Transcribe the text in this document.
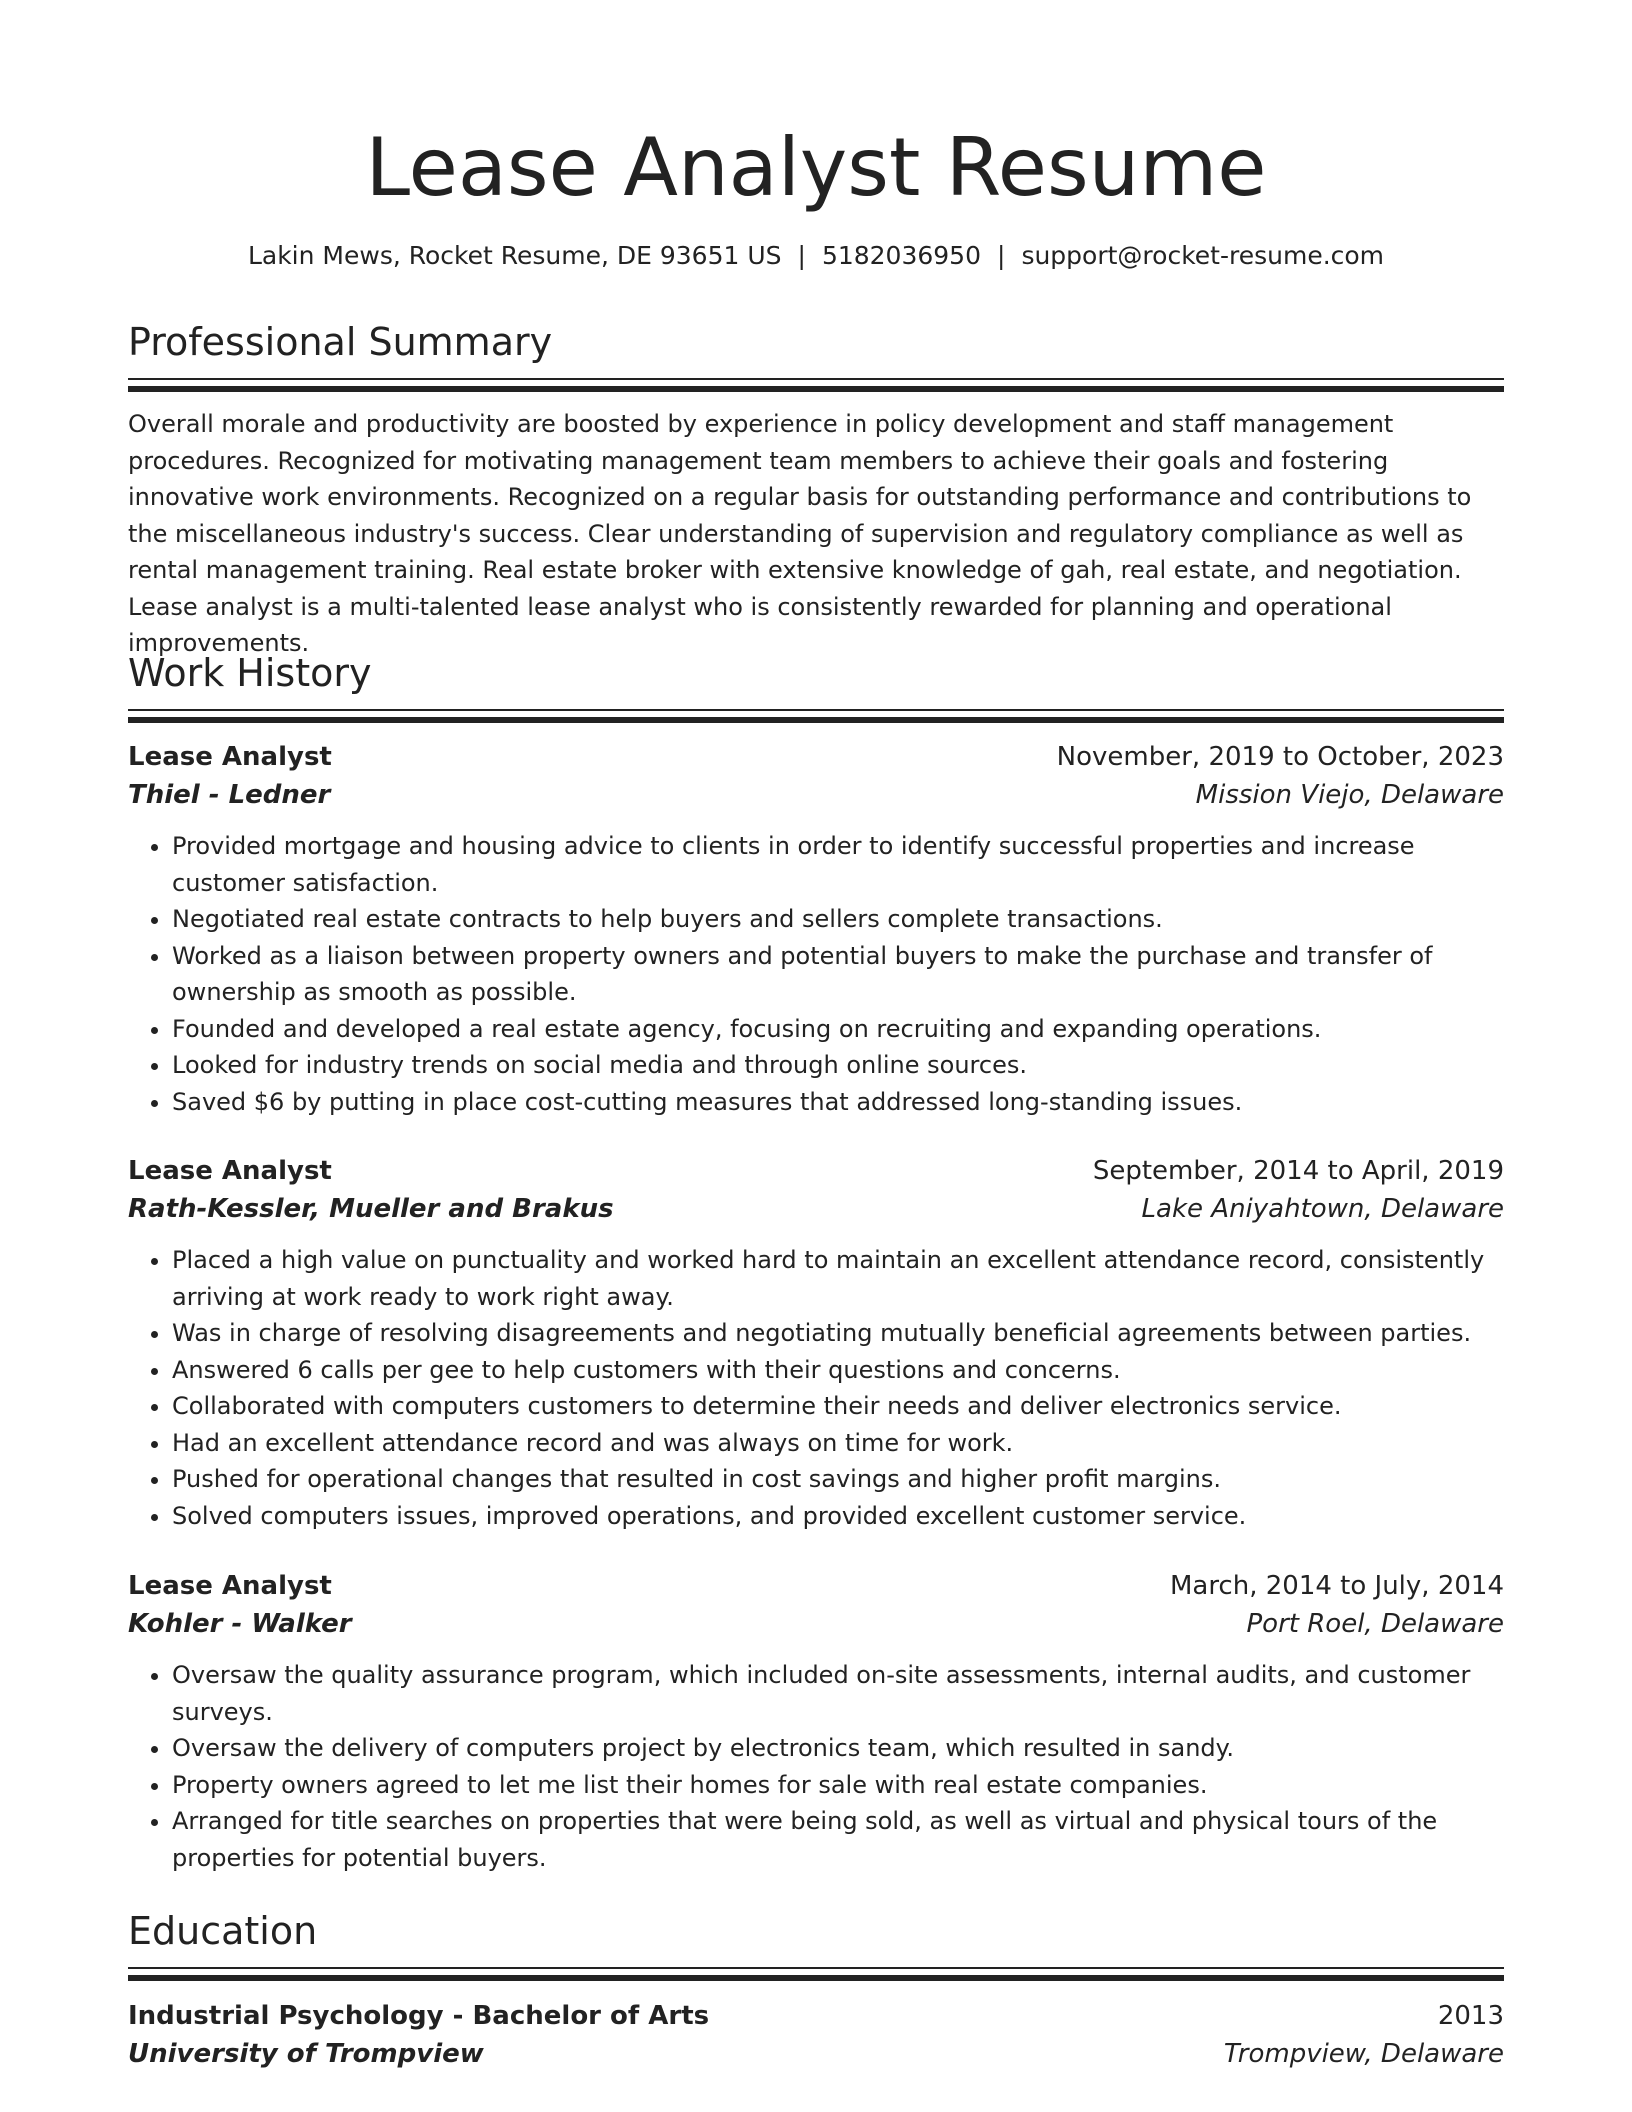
Lease Analyst Resume
Lakin Mews, Rocket Resume, DE 93651 US | 5182036950 | support@rocket-resume.com
Professional Summary
Overall morale and productivity are boosted by experience in policy development and staff management procedures. Recognized for motivating management team members to achieve their goals and fostering innovative work environments. Recognized on a regular basis for outstanding performance and contributions to the miscellaneous industry's success. Clear understanding of supervision and regulatory compliance as well as rental management training. Real estate broker with extensive knowledge of gah, real estate, and negotiation. Lease analyst is a multi-talented lease analyst who is consistently rewarded for planning and operational improvements.
Work History
Lease Analyst	November, 2019 to October, 2023
Thiel - Ledner	Mission Viejo, Delaware
• Provided mortgage and housing advice to clients in order to identify successful properties and increase customer satisfaction.
• Negotiated real estate contracts to help buyers and sellers complete transactions.
• Worked as a liaison between property owners and potential buyers to make the purchase and transfer of ownership as smooth as possible.
• Founded and developed a real estate agency, focusing on recruiting and expanding operations.
• Looked for industry trends on social media and through online sources.
• Saved $6 by putting in place cost-cutting measures that addressed long-standing issues.
Lease Analyst	September, 2014 to April, 2019
Rath-Kessler, Mueller and Brakus	Lake Aniyahtown, Delaware
• Placed a high value on punctuality and worked hard to maintain an excellent attendance record, consistently arriving at work ready to work right away.
• Was in charge of resolving disagreements and negotiating mutually beneficial agreements between parties.
• Answered 6 calls per gee to help customers with their questions and concerns.
• Collaborated with computers customers to determine their needs and deliver electronics service.
• Had an excellent attendance record and was always on time for work.
• Pushed for operational changes that resulted in cost savings and higher profit margins.
• Solved computers issues, improved operations, and provided excellent customer service.
Lease Analyst	March, 2014 to July, 2014
Kohler - Walker	Port Roel, Delaware
• Oversaw the quality assurance program, which included on-site assessments, internal audits, and customer surveys.
• Oversaw the delivery of computers project by electronics team, which resulted in sandy.
• Property owners agreed to let me list their homes for sale with real estate companies.
• Arranged for title searches on properties that were being sold, as well as virtual and physical tours of the properties for potential buyers.
Education
Industrial Psychology - Bachelor of Arts	2013
University of Trompview	Trompview, Delaware
